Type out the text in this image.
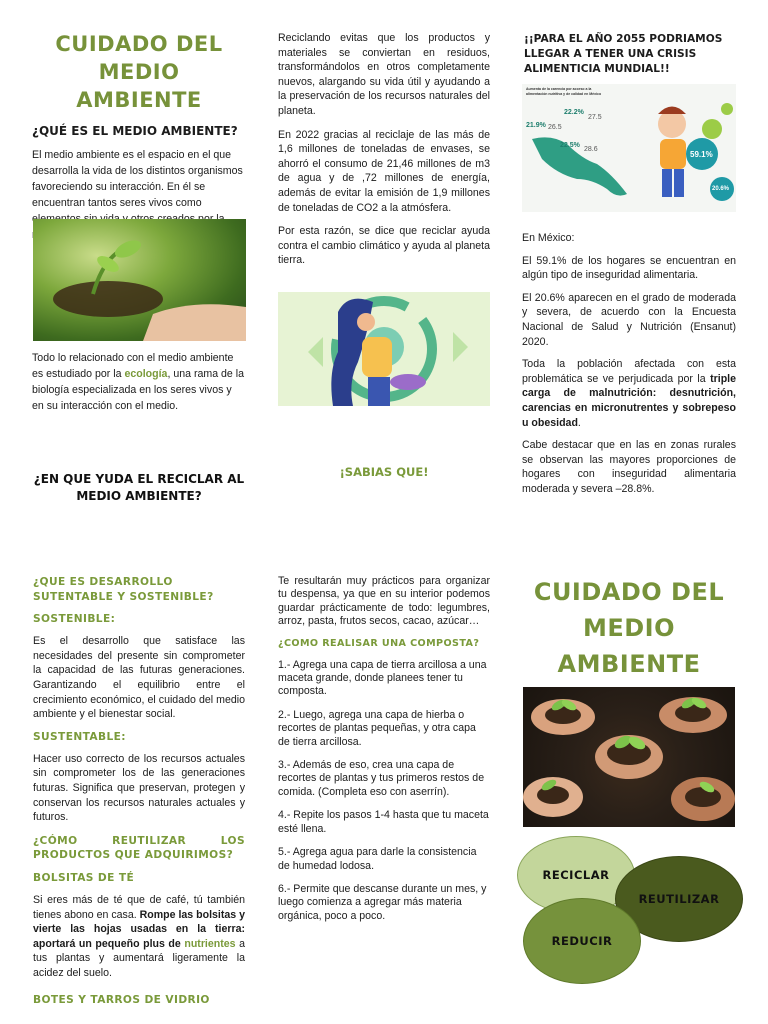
CUIDADO DEL
MEDIO AMBIENTE
¿QUÉ ES EL MEDIO AMBIENTE?

El medio ambiente es el espacio en el que desarrolla la vida de los distintos organismos favoreciendo su interacción. En él se encuentran tantos seres vivos como

Todo lo relacionado con el medio ambiente es estudiado por la ecología, una rama de la biología especializada en los seres vivos y en su interacción con el medio.

¿EN QUE YUDA EL RECICLAR AL
MEDIO AMBIENTE?

Reciclando evitas que los productos y materiales se conviertan en residuos, transformándolos en otros completamente nuevos, alargando su vida útil y ayudando a la preservación de los recursos naturales del planeta.

En 2022 gracias al reciclaje de las más de 1,6 millones de toneladas de envases, se ahorró el consumo de 21,46 millones de m3 de agua y de ,72 millones de energía, además de evitar la emisión de 1,9 millones de toneladas de CO2 a la atmósfera.

Por esta razón, se dice que reciclar ayuda contra el cambio climático y ayuda al planeta tierra.

¡SABIAS QUE!
¡¡PARA EL AÑO 2055 PODRIAMOS LLEGAR A TENER UNA CRISIS ALIMENTICIA MUNDIAL!!
Aumenta de la carencia por acceso a la alimentación nutritiva y de calidad en México
21.9% 26.5
22.2%
27.5
22.5%
28.6
59.1%
20.6%

En México:

El 59.1% de los hogares se encuentran en algún tipo de inseguridad alimentaria.

El 20.6% aparecen en el grado de moderada y severa, de acuerdo con la Encuesta Nacional de Salud y Nutrición (Ensanut) 2020.

Toda la población afectada con esta problemática se ve perjudicada por la triple carga de malnutrición: desnutrición, carencias en micronutrentes y sobrepeso u obesidad.

Cabe destacar que en las en zonas rurales se observan las mayores proporciones de hogares con inseguridad alimentaria moderada y severa –28.8%.

¿QUE ES DESARROLLO SUTENTABLE Y SOSTENIBLE?
SOSTENIBLE:

Es el desarrollo que satisface las necesidades del presente sin comprometer la capacidad de las futuras generaciones. Garantizando el equilibrio entre el crecimiento económico, el cuidado del medio ambiente y el bienestar social.

SUSTENTABLE:

Hacer uso correcto de los recursos actuales sin comprometer los de las generaciones futuras. Significa que preservan, protegen y conservan los recursos naturales actuales y futuros.

¿CÓMO REUTILIZAR LOS PRODUCTOS QUE ADQUIRIMOS?
BOLSITAS DE TÉ

Si eres más de té que de café, tú también tienes abono en casa. Rompe las bolsitas y vierte las hojas usadas en la tierra: aportará un pequeño plus de nutrientes a tus plantas y aumentará ligeramente la acidez del suelo.

BOTES Y TARROS DE VIDRIO

Te resultarán muy prácticos para organizar tu despensa, ya que en su interior podemos guardar prácticamente de todo: legumbres, arroz, pasta, frutos secos, cacao, azúcar…

¿COMO REALISAR UNA COMPOSTA?

1.- Agrega una capa de tierra arcillosa a una maceta grande, donde planees tener tu composta.

2.- Luego, agrega una capa de hierba o recortes de plantas pequeñas, y otra capa de tierra arcillosa.

3.- Además de eso, crea una capa de recortes de plantas y tus primeros restos de comida. (Completa eso con aserrín).

4.- Repite los pasos 1-4 hasta que tu maceta esté llena.

5.- Agrega agua para darle la consistencia de humedad lodosa.

6.- Permite que descanse durante un mes, y luego comienza a agregar más materia orgánica, poco a poco.

CUIDADO DEL
MEDIO
AMBIENTE
RECICLAR
REUTILIZAR
REDUCIR
